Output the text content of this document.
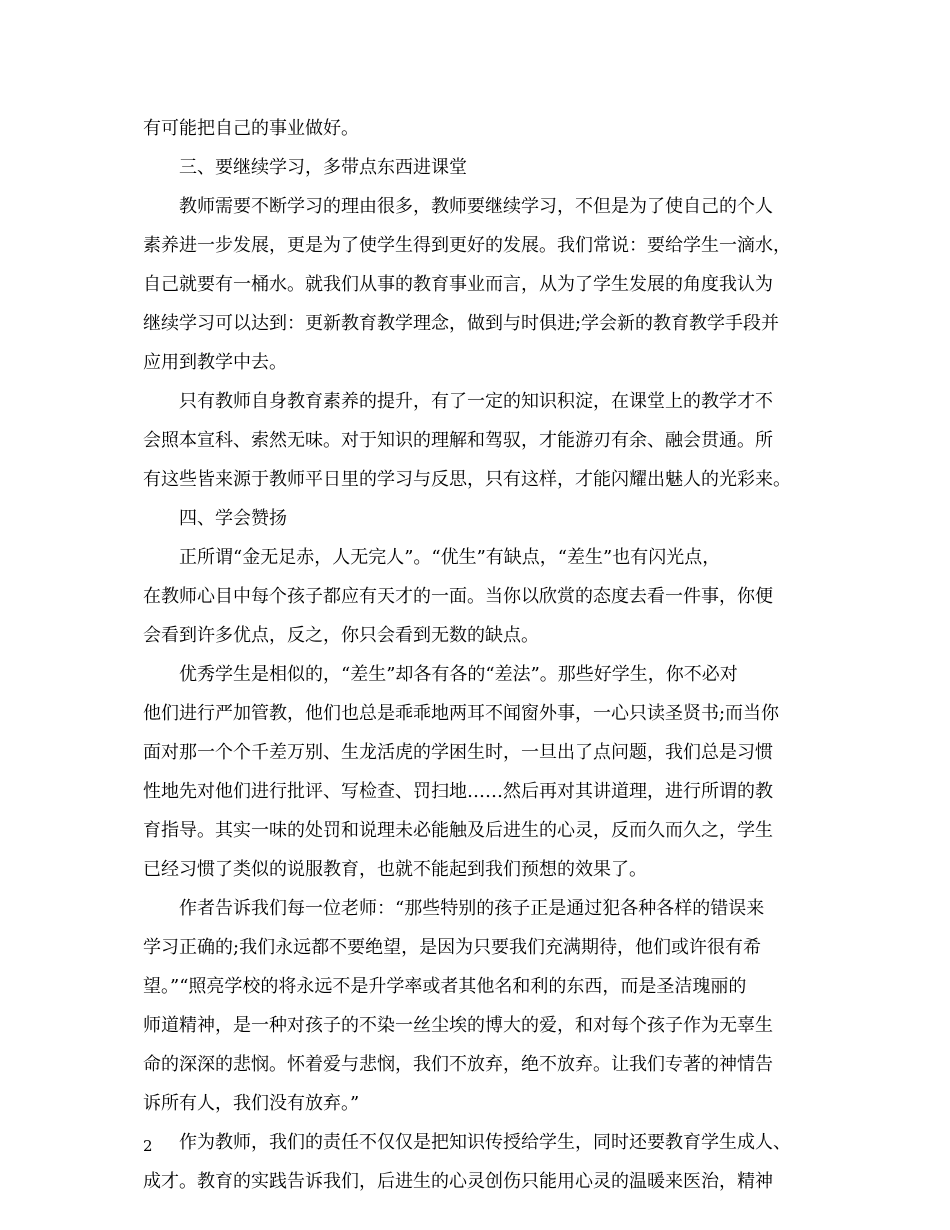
有可能把自己的事业做好。
三、要继续学习，多带点东西进课堂
教师需要不断学习的理由很多，教师要继续学习，不但是为了使自己的个人
素养进一步发展，更是为了使学生得到更好的发展。我们常说：要给学生一滴水，
自己就要有一桶水。就我们从事的教育事业而言，从为了学生发展的角度我认为
继续学习可以达到：更新教育教学理念，做到与时俱进;学会新的教育教学手段并
应用到教学中去。
只有教师自身教育素养的提升，有了一定的知识积淀，在课堂上的教学才不
会照本宣科、索然无味。对于知识的理解和驾驭，才能游刃有余、融会贯通。所
有这些皆来源于教师平日里的学习与反思，只有这样，才能闪耀出魅人的光彩来。
四、学会赞扬
正所谓“金无足赤，人无完人”。“优生”有缺点，“差生”也有闪光点，
在教师心目中每个孩子都应有天才的一面。当你以欣赏的态度去看一件事，你便
会看到许多优点，反之，你只会看到无数的缺点。
优秀学生是相似的，“差生”却各有各的“差法”。那些好学生，你不必对
他们进行严加管教，他们也总是乖乖地两耳不闻窗外事，一心只读圣贤书;而当你
面对那一个个千差万别、生龙活虎的学困生时，一旦出了点问题，我们总是习惯
性地先对他们进行批评、写检查、罚扫地……然后再对其讲道理，进行所谓的教
育指导。其实一味的处罚和说理未必能触及后进生的心灵，反而久而久之，学生
已经习惯了类似的说服教育，也就不能起到我们预想的效果了。
作者告诉我们每一位老师：“那些特别的孩子正是通过犯各种各样的错误来
学习正确的;我们永远都不要绝望，是因为只要我们充满期待，他们或许很有希
望。”“照亮学校的将永远不是升学率或者其他名和利的东西，而是圣洁瑰丽的
师道精神，是一种对孩子的不染一丝尘埃的博大的爱，和对每个孩子作为无辜生
命的深深的悲悯。怀着爱与悲悯，我们不放弃，绝不放弃。让我们专著的神情告
诉所有人，我们没有放弃。”
作为教师，我们的责任不仅仅是把知识传授给学生，同时还要教育学生成人、
成才。教育的实践告诉我们，后进生的心灵创伤只能用心灵的温暖来医治，精神
2
